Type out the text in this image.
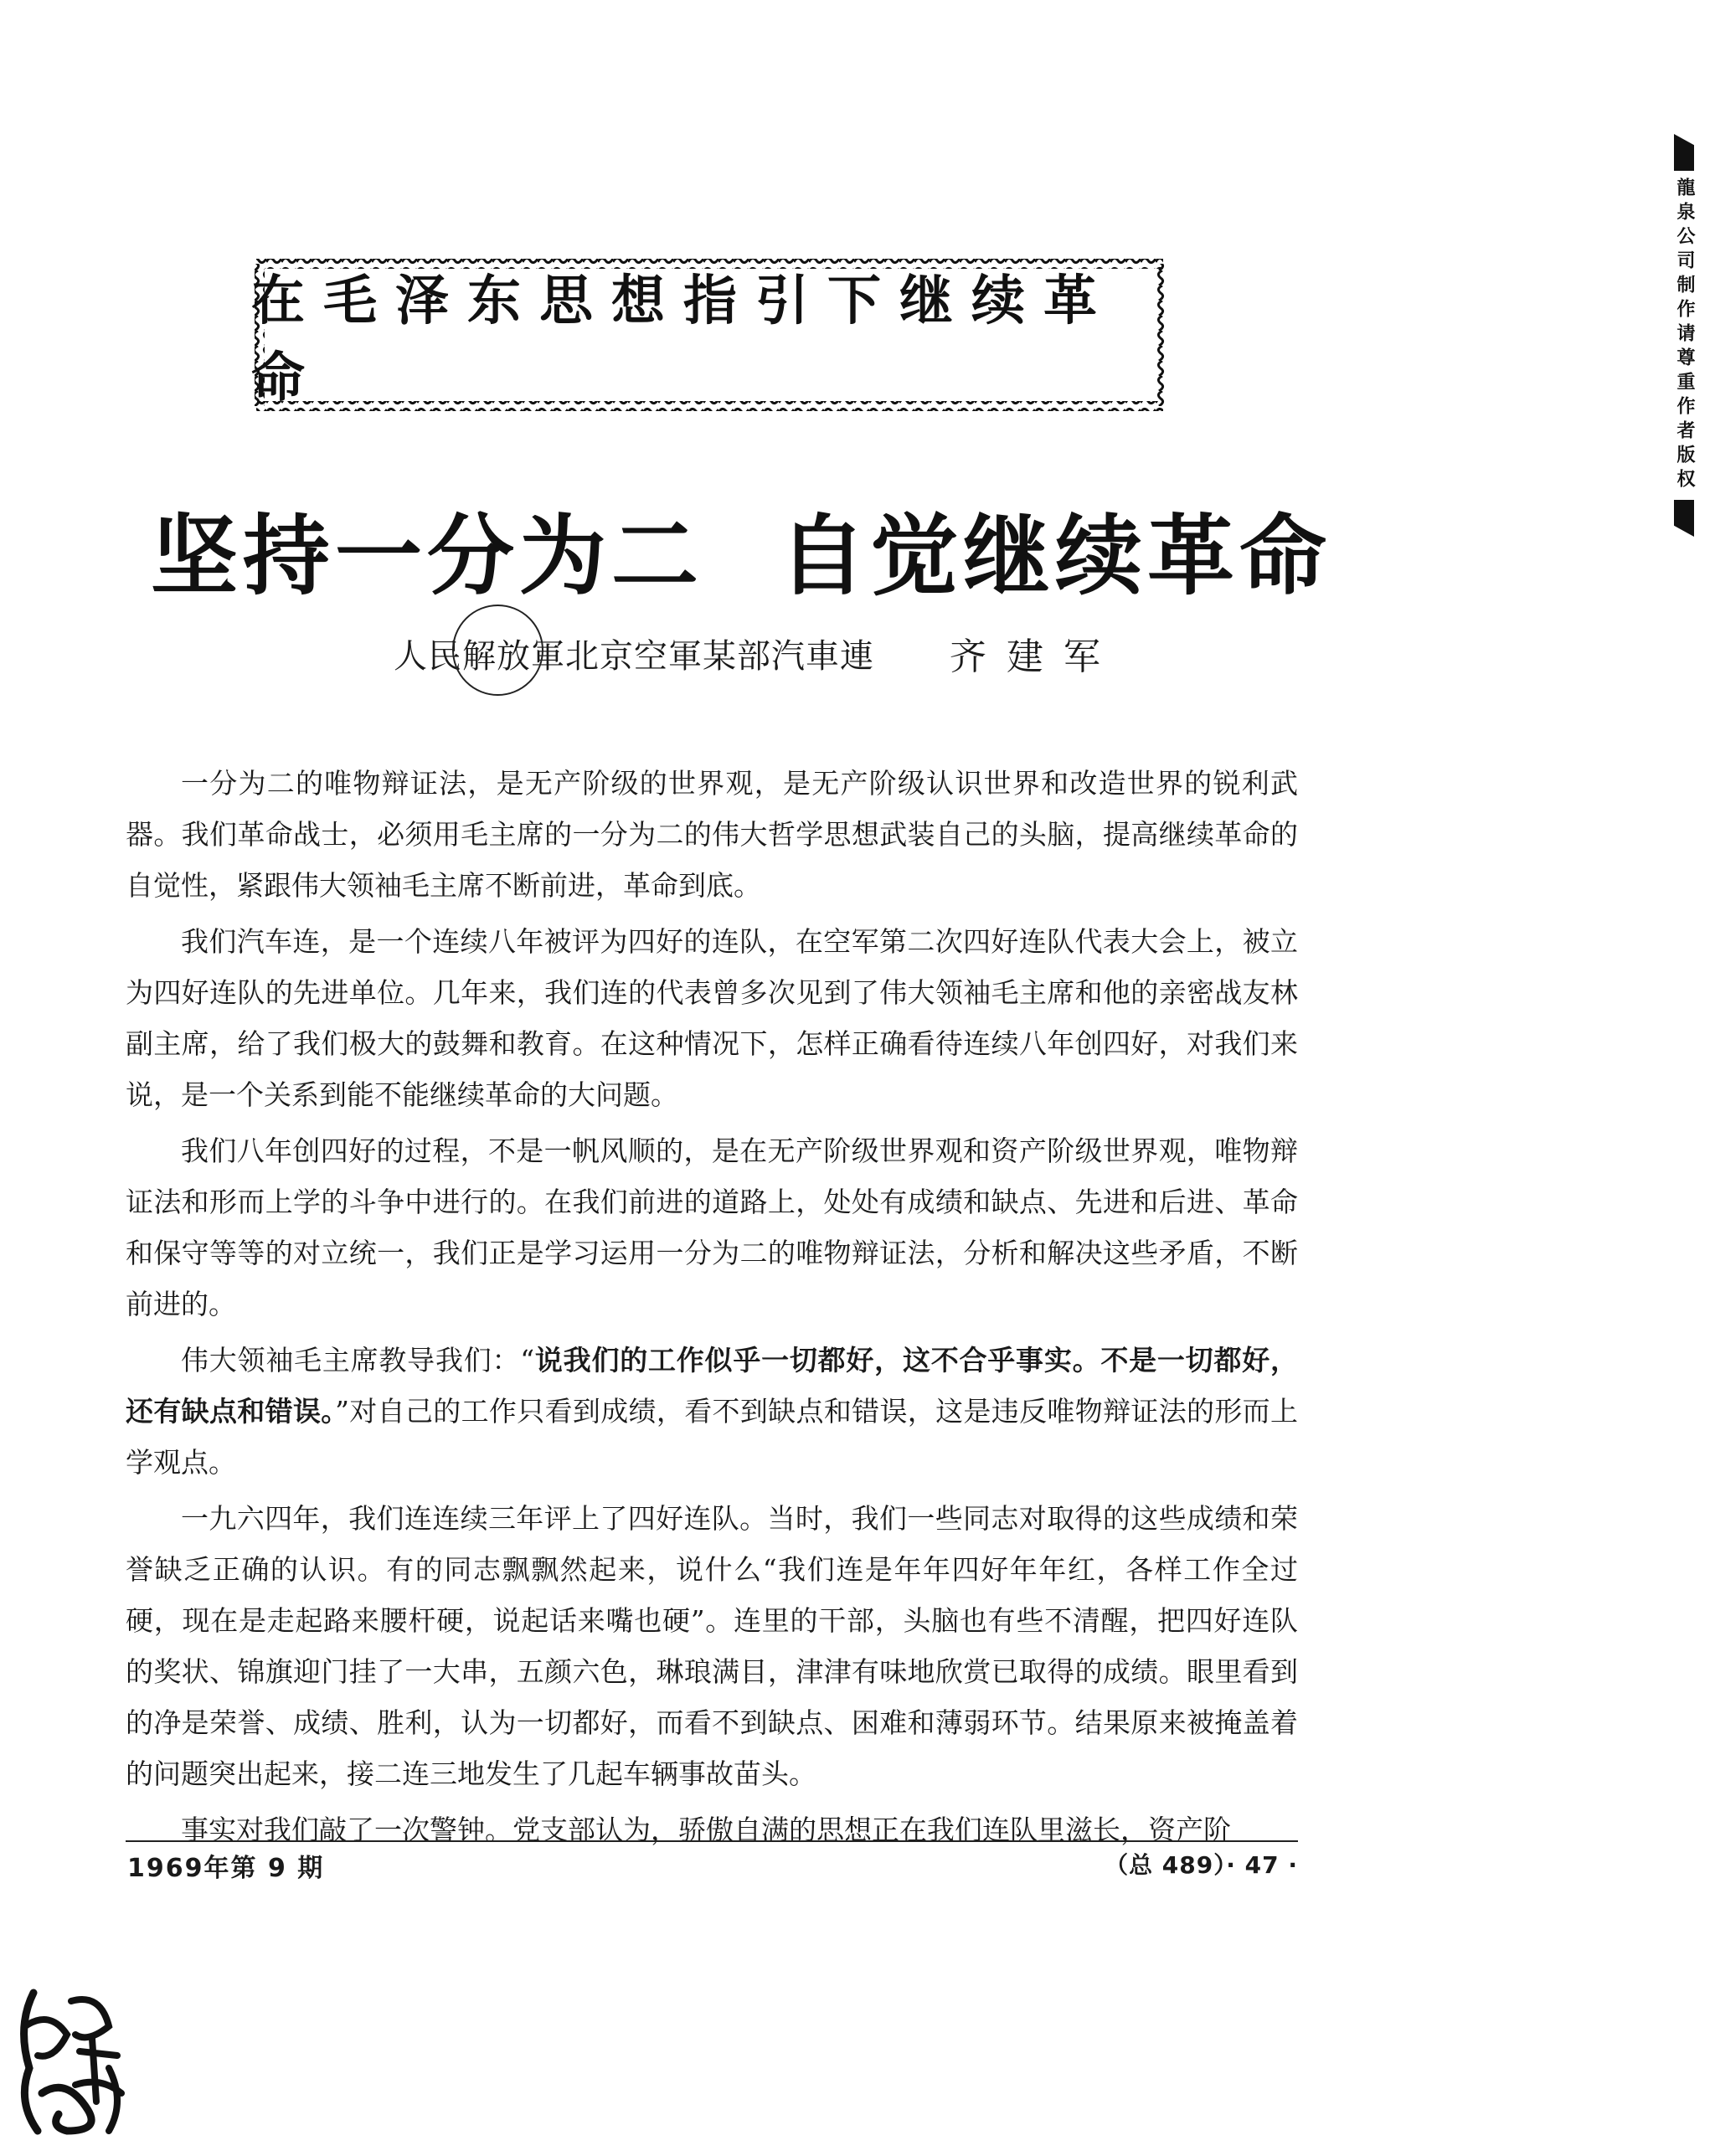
在毛泽东思想指引下继续革命
坚持一分为二 自觉继续革命
人民解放軍北京空軍某部汽車連 齐建军

一分为二的唯物辩证法，是无产阶级的世界观，是无产阶级认识世界和改造世界的锐利武器。我们革命战士，必须用毛主席的一分为二的伟大哲学思想武装自己的头脑，提高继续革命的自觉性，紧跟伟大领袖毛主席不断前进，革命到底。

我们汽车连，是一个连续八年被评为四好的连队，在空军第二次四好连队代表大会上，被立为四好连队的先进单位。几年来，我们连的代表曾多次见到了伟大领袖毛主席和他的亲密战友林副主席，给了我们极大的鼓舞和教育。在这种情况下，怎样正确看待连续八年创四好，对我们来说，是一个关系到能不能继续革命的大问题。

我们八年创四好的过程，不是一帆风顺的，是在无产阶级世界观和资产阶级世界观，唯物辩证法和形而上学的斗争中进行的。在我们前进的道路上，处处有成绩和缺点、先进和后进、革命和保守等等的对立统一，我们正是学习运用一分为二的唯物辩证法，分析和解决这些矛盾，不断前进的。

伟大领袖毛主席教导我们：“说我们的工作似乎一切都好，这不合乎事实。不是一切都好，还有缺点和错误。”对自己的工作只看到成绩，看不到缺点和错误，这是违反唯物辩证法的形而上学观点。

一九六四年，我们连连续三年评上了四好连队。当时，我们一些同志对取得的这些成绩和荣誉缺乏正确的认识。有的同志飘飘然起来，说什么“我们连是年年四好年年红，各样工作全过硬，现在是走起路来腰杆硬，说起话来嘴也硬”。连里的干部，头脑也有些不清醒，把四好连队的奖状、锦旗迎门挂了一大串，五颜六色，琳琅满目，津津有味地欣赏已取得的成绩。眼里看到的净是荣誉、成绩、胜利，认为一切都好，而看不到缺点、困难和薄弱环节。结果原来被掩盖着的问题突出起来，接二连三地发生了几起车辆事故苗头。

事实对我们敲了一次警钟。党支部认为，骄傲自满的思想正在我们连队里滋长，资产阶

1969年第 9 期	（总 489）· 47 ·
龍泉公司制作请尊重作者版权
